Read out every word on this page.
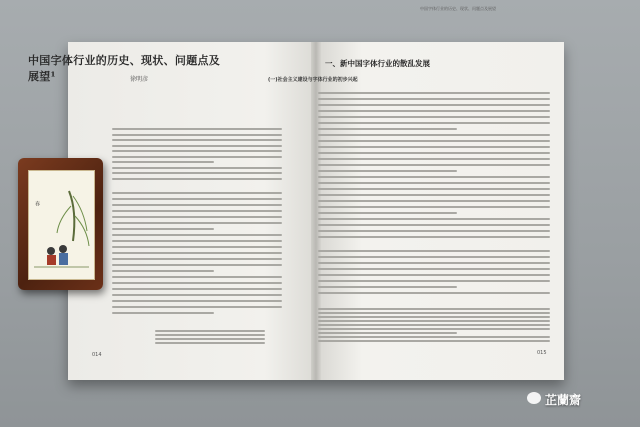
中国字体行业的历史、现状、问题点及展望¹	徐明彦
中国字体行业的历史、现状、问题点及展望
一、新中国字体行业的散乱发展
(一)社会主义建设与字体行业的初步兴起
014	015
春
芷蘭齋
